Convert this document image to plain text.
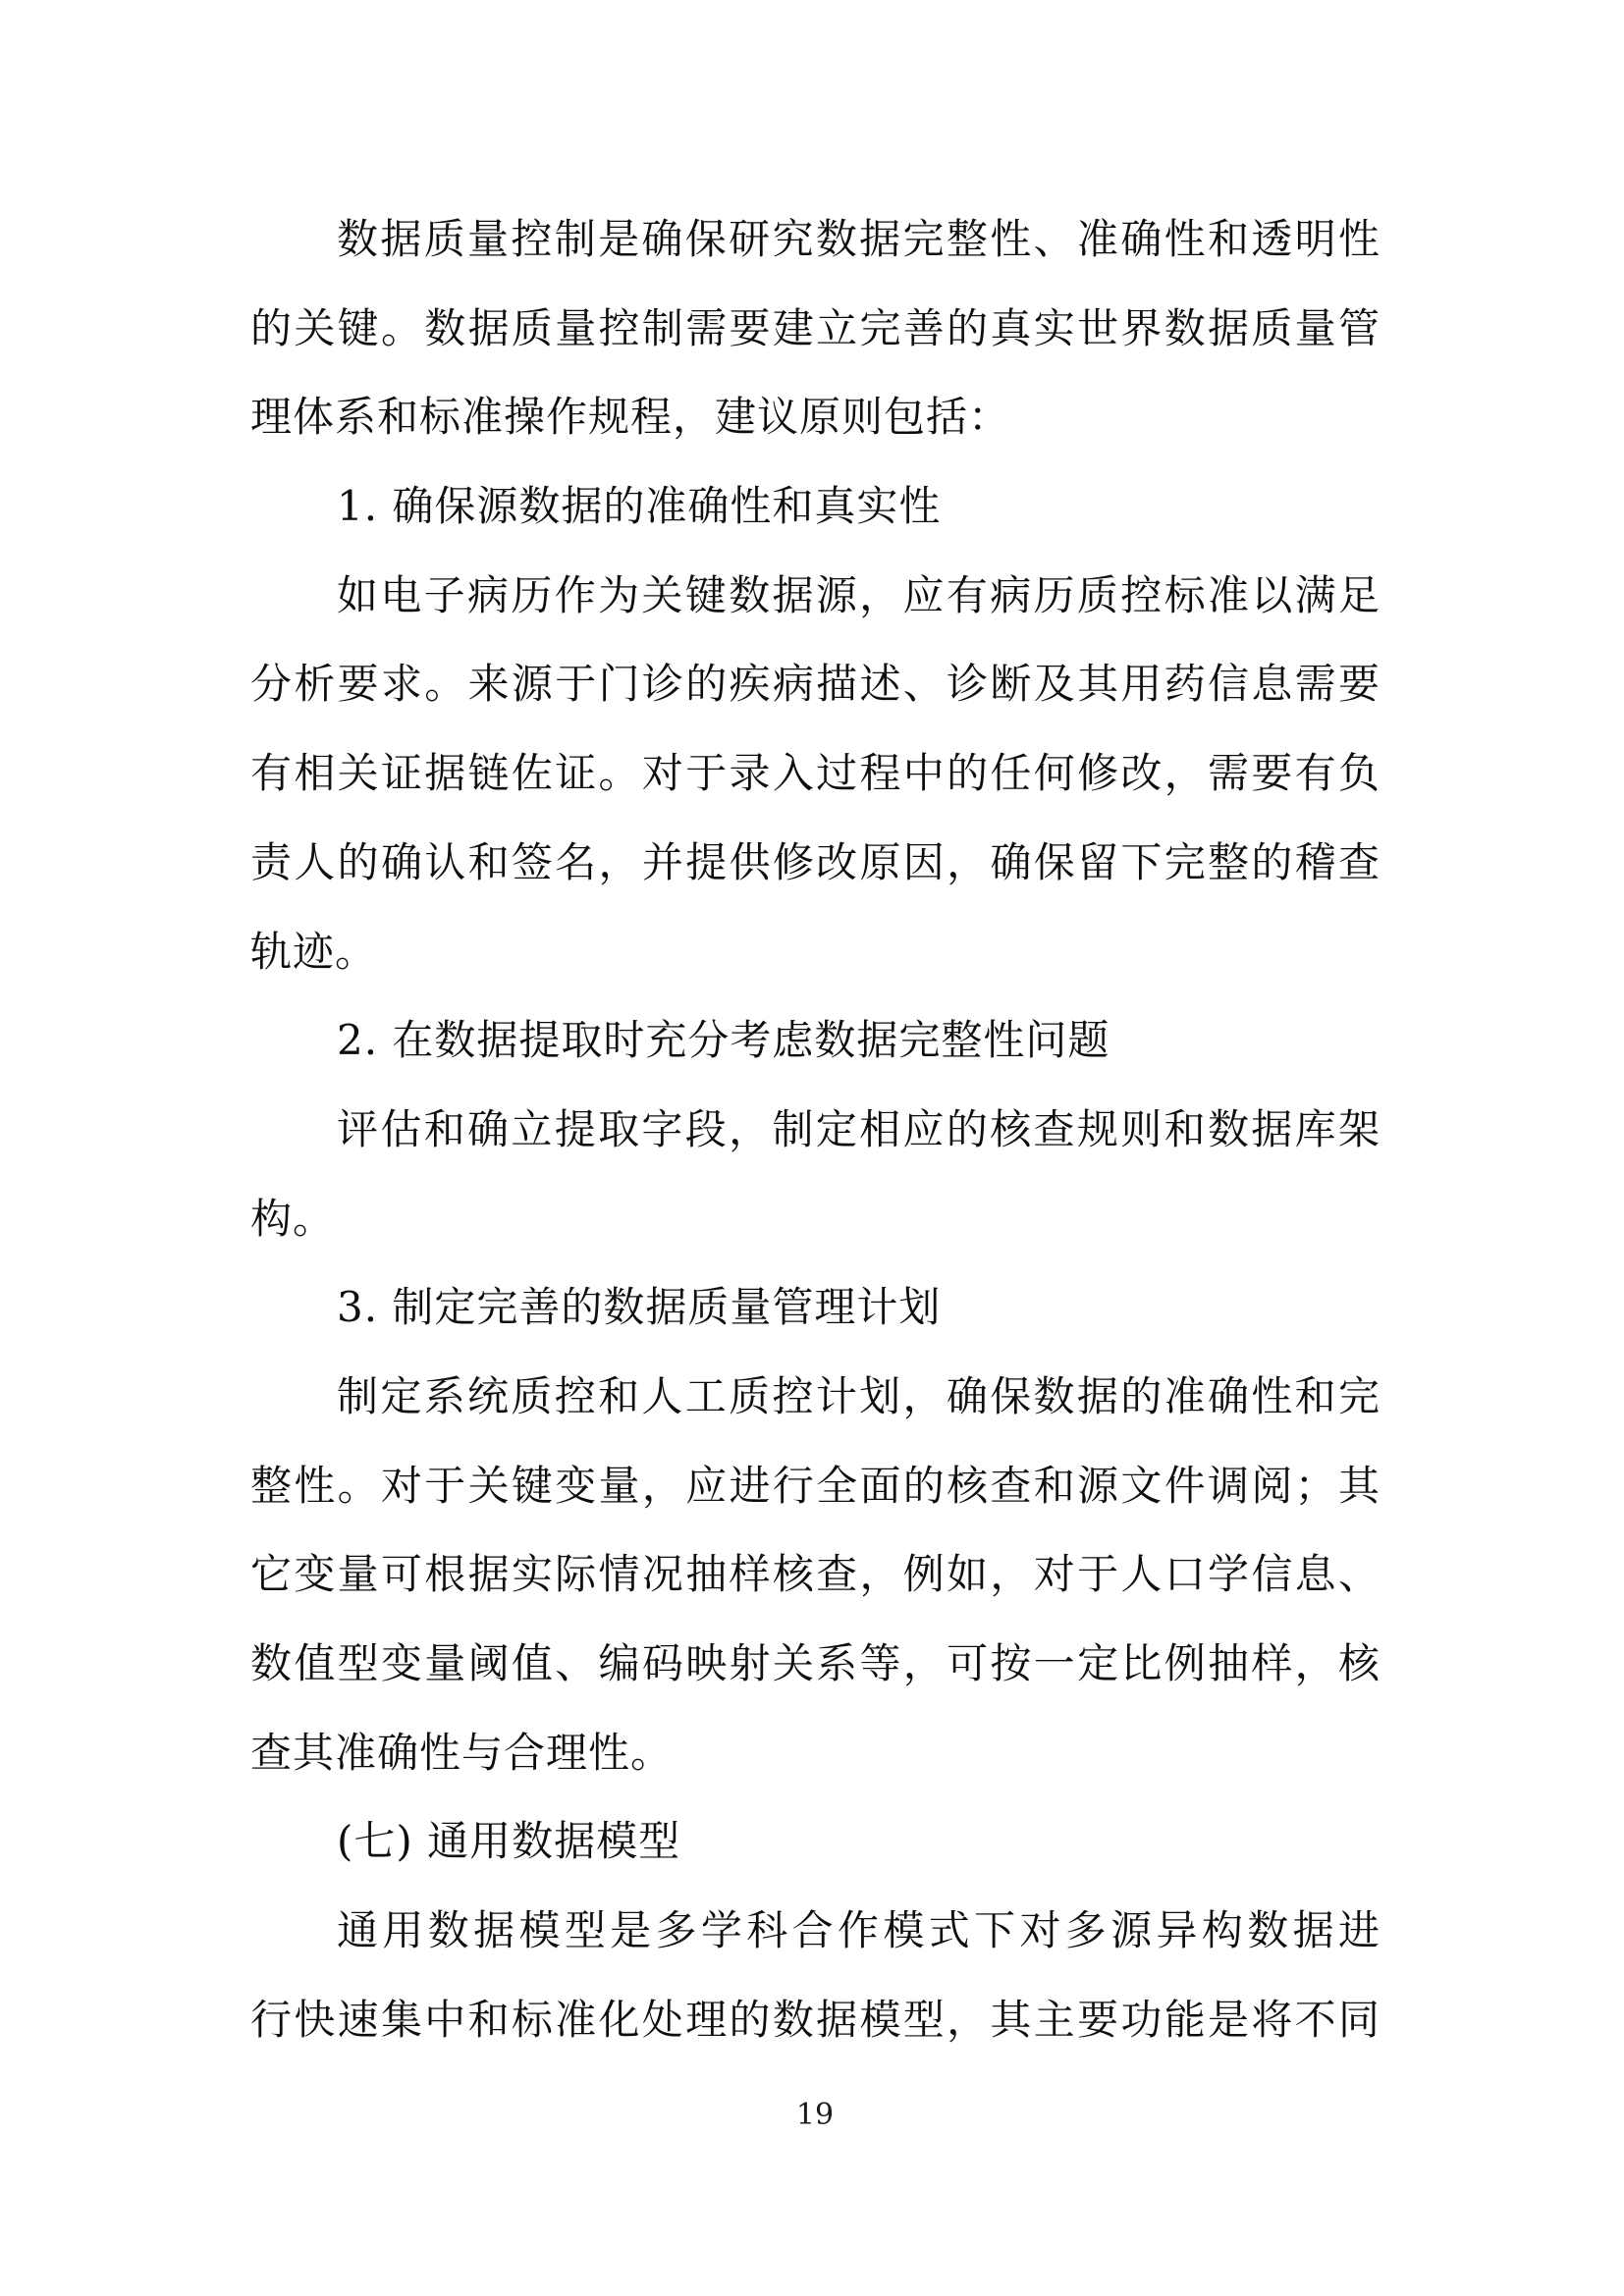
数据质量控制是确保研究数据完整性、准确性和透明性
的关键。数据质量控制需要建立完善的真实世界数据质量管
理体系和标准操作规程，建议原则包括：
1. 确保源数据的准确性和真实性
如电子病历作为关键数据源，应有病历质控标准以满足
分析要求。来源于门诊的疾病描述、诊断及其用药信息需要
有相关证据链佐证。对于录入过程中的任何修改，需要有负
责人的确认和签名，并提供修改原因，确保留下完整的稽查
轨迹。
2. 在数据提取时充分考虑数据完整性问题
评估和确立提取字段，制定相应的核查规则和数据库架
构。
3. 制定完善的数据质量管理计划
制定系统质控和人工质控计划，确保数据的准确性和完
整性。对于关键变量，应进行全面的核查和源文件调阅；其
它变量可根据实际情况抽样核查，例如，对于人口学信息、
数值型变量阈值、编码映射关系等，可按一定比例抽样，核
查其准确性与合理性。
(七) 通用数据模型
通用数据模型是多学科合作模式下对多源异构数据进
行快速集中和标准化处理的数据模型，其主要功能是将不同
19
